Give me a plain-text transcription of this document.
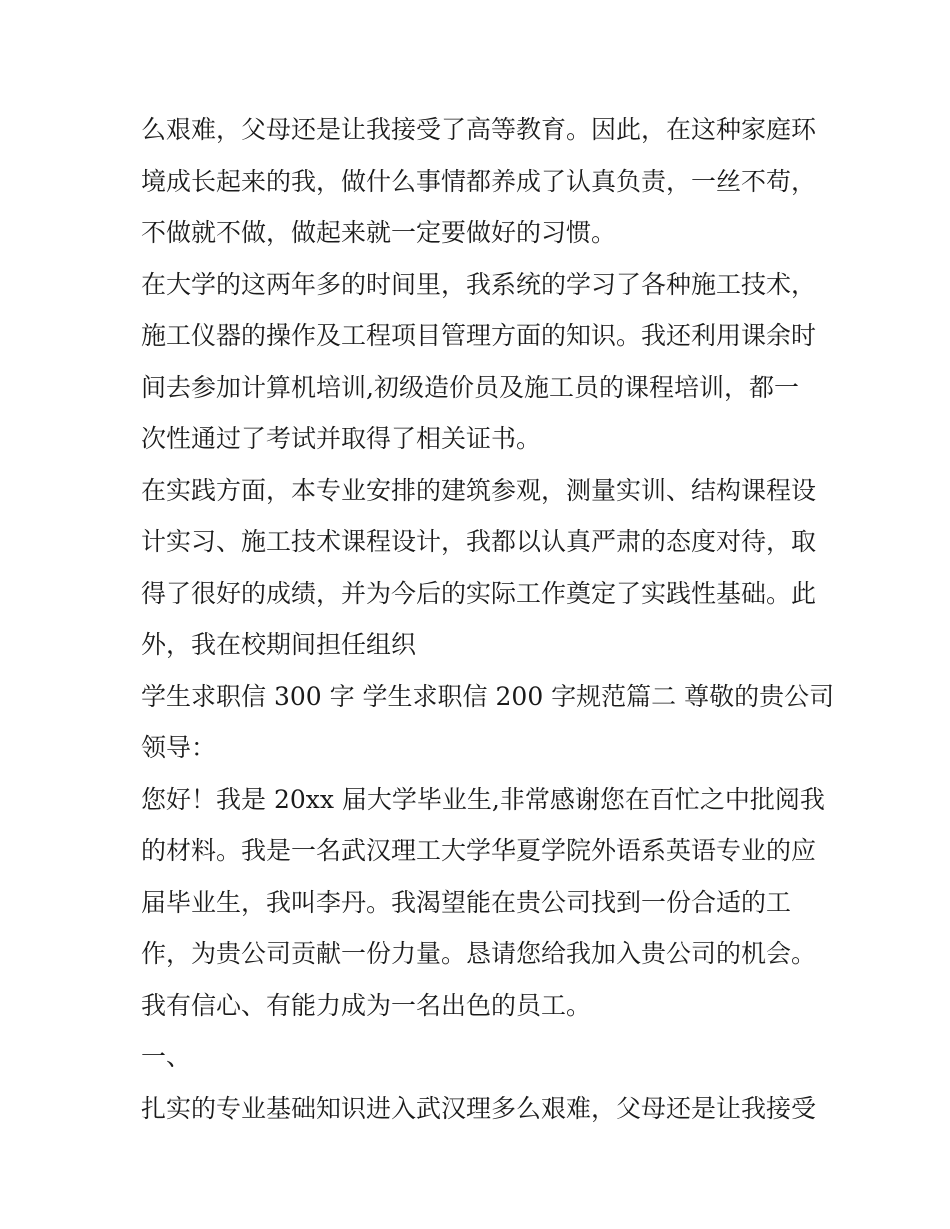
么艰难，父母还是让我接受了高等教育。因此，在这种家庭环
境成长起来的我，做什么事情都养成了认真负责，一丝不苟，
不做就不做，做起来就一定要做好的习惯。
在大学的这两年多的时间里，我系统的学习了各种施工技术，
施工仪器的操作及工程项目管理方面的知识。我还利用课余时
间去参加计算机培训,初级造价员及施工员的课程培训，都一
次性通过了考试并取得了相关证书。
在实践方面，本专业安排的建筑参观，测量实训、结构课程设
计实习、施工技术课程设计，我都以认真严肃的态度对待，取
得了很好的成绩，并为今后的实际工作奠定了实践性基础。此
外，我在校期间担任组织
学生求职信 300 字 学生求职信 200 字规范篇二 尊敬的贵公司
领导：
您好！我是 20xx 届大学毕业生,非常感谢您在百忙之中批阅我
的材料。我是一名武汉理工大学华夏学院外语系英语专业的应
届毕业生，我叫李丹。我渴望能在贵公司找到一份合适的工
作，为贵公司贡献一份力量。恳请您给我加入贵公司的机会。
我有信心、有能力成为一名出色的员工。
一、
扎实的专业基础知识进入武汉理多么艰难，父母还是让我接受
